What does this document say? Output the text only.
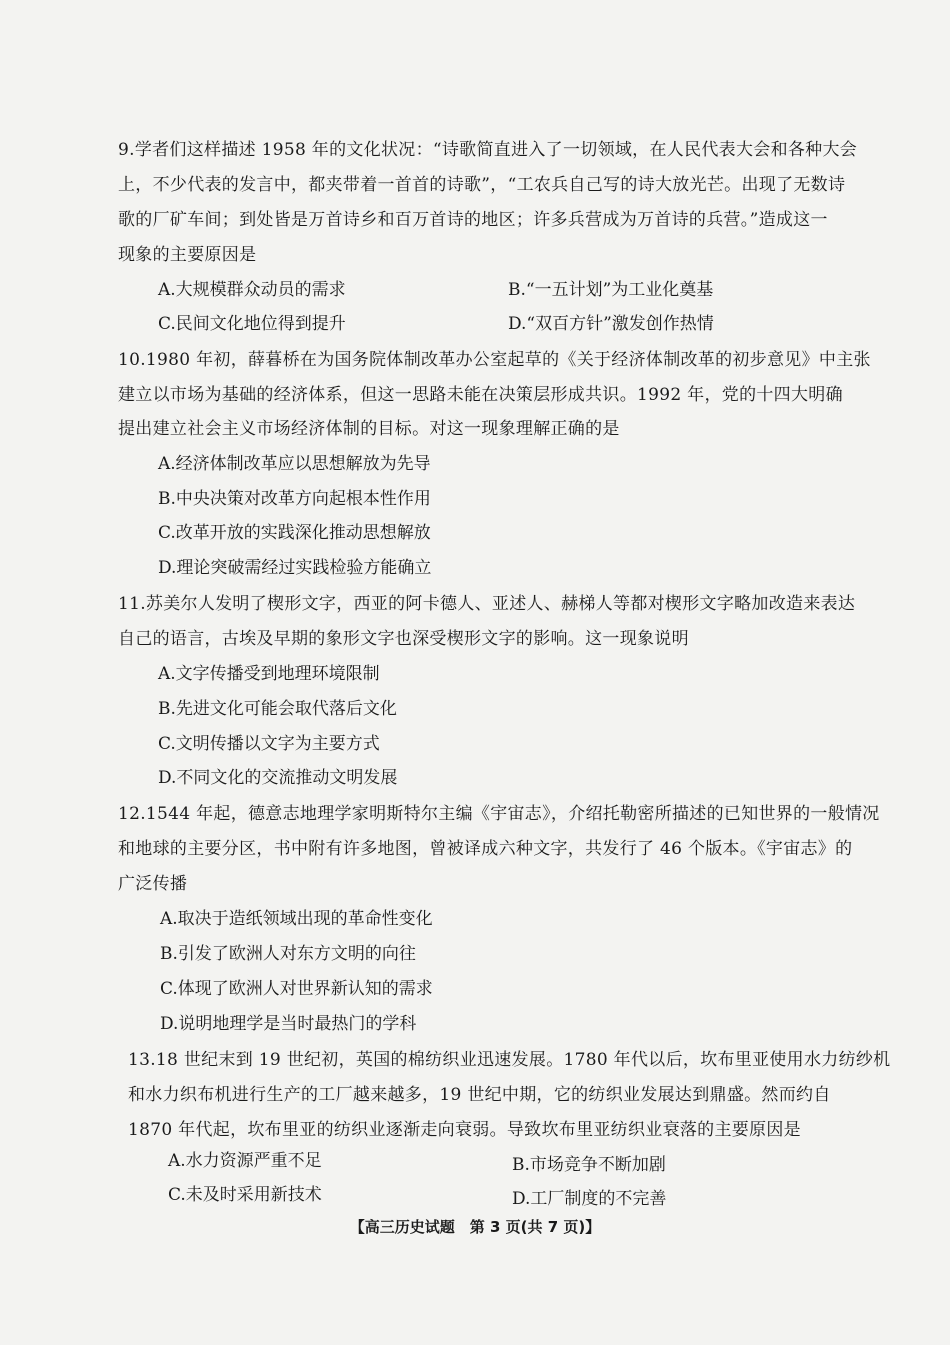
9.学者们这样描述 1958 年的文化状况：“诗歌简直进入了一切领域，在人民代表大会和各种大会
上，不少代表的发言中，都夹带着一首首的诗歌”，“工农兵自己写的诗大放光芒。出现了无数诗
歌的厂矿车间；到处皆是万首诗乡和百万首诗的地区；许多兵营成为万首诗的兵营。”造成这一
现象的主要原因是
A.大规模群众动员的需求	B.“一五计划”为工业化奠基
C.民间文化地位得到提升	D.“双百方针”激发创作热情
10.1980 年初，薛暮桥在为国务院体制改革办公室起草的《关于经济体制改革的初步意见》中主张
建立以市场为基础的经济体系，但这一思路未能在决策层形成共识。1992 年，党的十四大明确
提出建立社会主义市场经济体制的目标。对这一现象理解正确的是
A.经济体制改革应以思想解放为先导
B.中央决策对改革方向起根本性作用
C.改革开放的实践深化推动思想解放
D.理论突破需经过实践检验方能确立
11.苏美尔人发明了楔形文字，西亚的阿卡德人、亚述人、赫梯人等都对楔形文字略加改造来表达
自己的语言，古埃及早期的象形文字也深受楔形文字的影响。这一现象说明
A.文字传播受到地理环境限制
B.先进文化可能会取代落后文化
C.文明传播以文字为主要方式
D.不同文化的交流推动文明发展
12.1544 年起，德意志地理学家明斯特尔主编《宇宙志》，介绍托勒密所描述的已知世界的一般情况
和地球的主要分区，书中附有许多地图，曾被译成六种文字，共发行了 46 个版本。《宇宙志》的
广泛传播
A.取决于造纸领域出现的革命性变化
B.引发了欧洲人对东方文明的向往
C.体现了欧洲人对世界新认知的需求
D.说明地理学是当时最热门的学科
13.18 世纪末到 19 世纪初，英国的棉纺织业迅速发展。1780 年代以后，坎布里亚使用水力纺纱机
和水力织布机进行生产的工厂越来越多，19 世纪中期，它的纺织业发展达到鼎盛。然而约自
1870 年代起，坎布里亚的纺织业逐渐走向衰弱。导致坎布里亚纺织业衰落的主要原因是
A.水力资源严重不足	B.市场竞争不断加剧
C.未及时采用新技术	D.工厂制度的不完善
【高三历史试题　第 3 页(共 7 页)】
